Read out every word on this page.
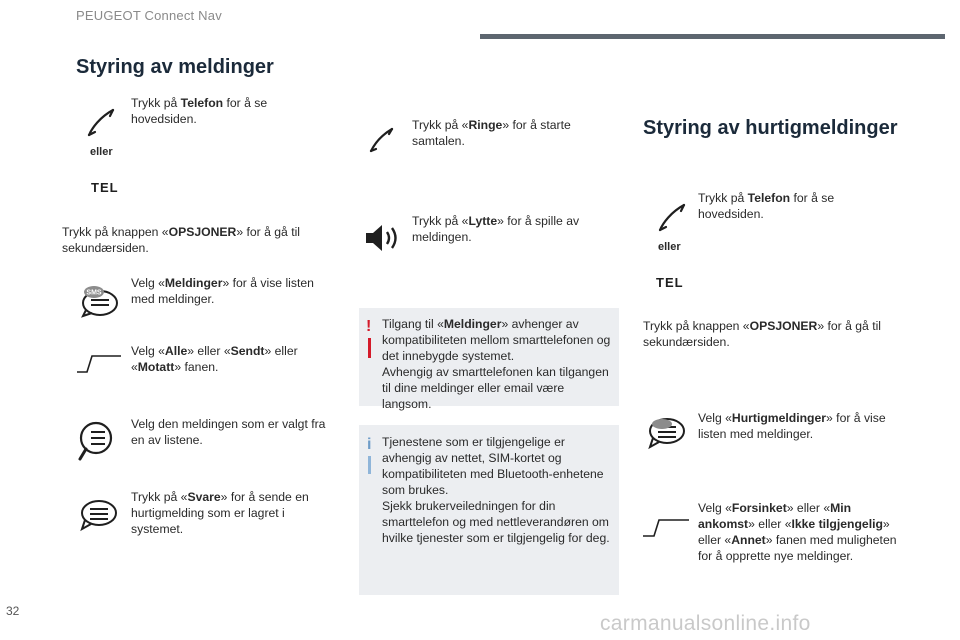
PEUGEOT Connect Nav
Styring av meldinger
Trykk på Telefon for å se hovedsiden.
eller
TEL
Trykk på knappen «OPSJONER» for å gå til sekundærsiden.
SMS
Velg «Meldinger» for å vise listen med meldinger.
Velg «Alle» eller «Sendt» eller «Motatt» fanen.
Velg den meldingen som er valgt fra en av listene.
Trykk på «Svare» for å sende en hurtigmelding som er lagret i systemet.
Trykk på «Ringe» for å starte samtalen.
Trykk på «Lytte» for å spille av meldingen.
! Tilgang til «Meldinger» avhenger av kompatibiliteten mellom smarttelefonen og det innebygde systemet.
Avhengig av smarttelefonen kan tilgangen til dine meldinger eller email være langsom.
i Tjenestene som er tilgjengelige er avhengig av nettet, SIM-kortet og kompatibiliteten med Bluetooth-enhetene som brukes.
Sjekk brukerveiledningen for din smarttelefon og med nettleverandøren om hvilke tjenester som er tilgjengelig for deg.
Styring av hurtigmeldinger
Trykk på Telefon for å se hovedsiden.
eller
TEL
Trykk på knappen «OPSJONER» for å gå til sekundærsiden.
Velg «Hurtigmeldinger» for å vise listen med meldinger.
Velg «Forsinket» eller «Min ankomst» eller «Ikke tilgjengelig» eller «Annet» fanen med muligheten for å opprette nye meldinger.
32
carmanualsonline.info
